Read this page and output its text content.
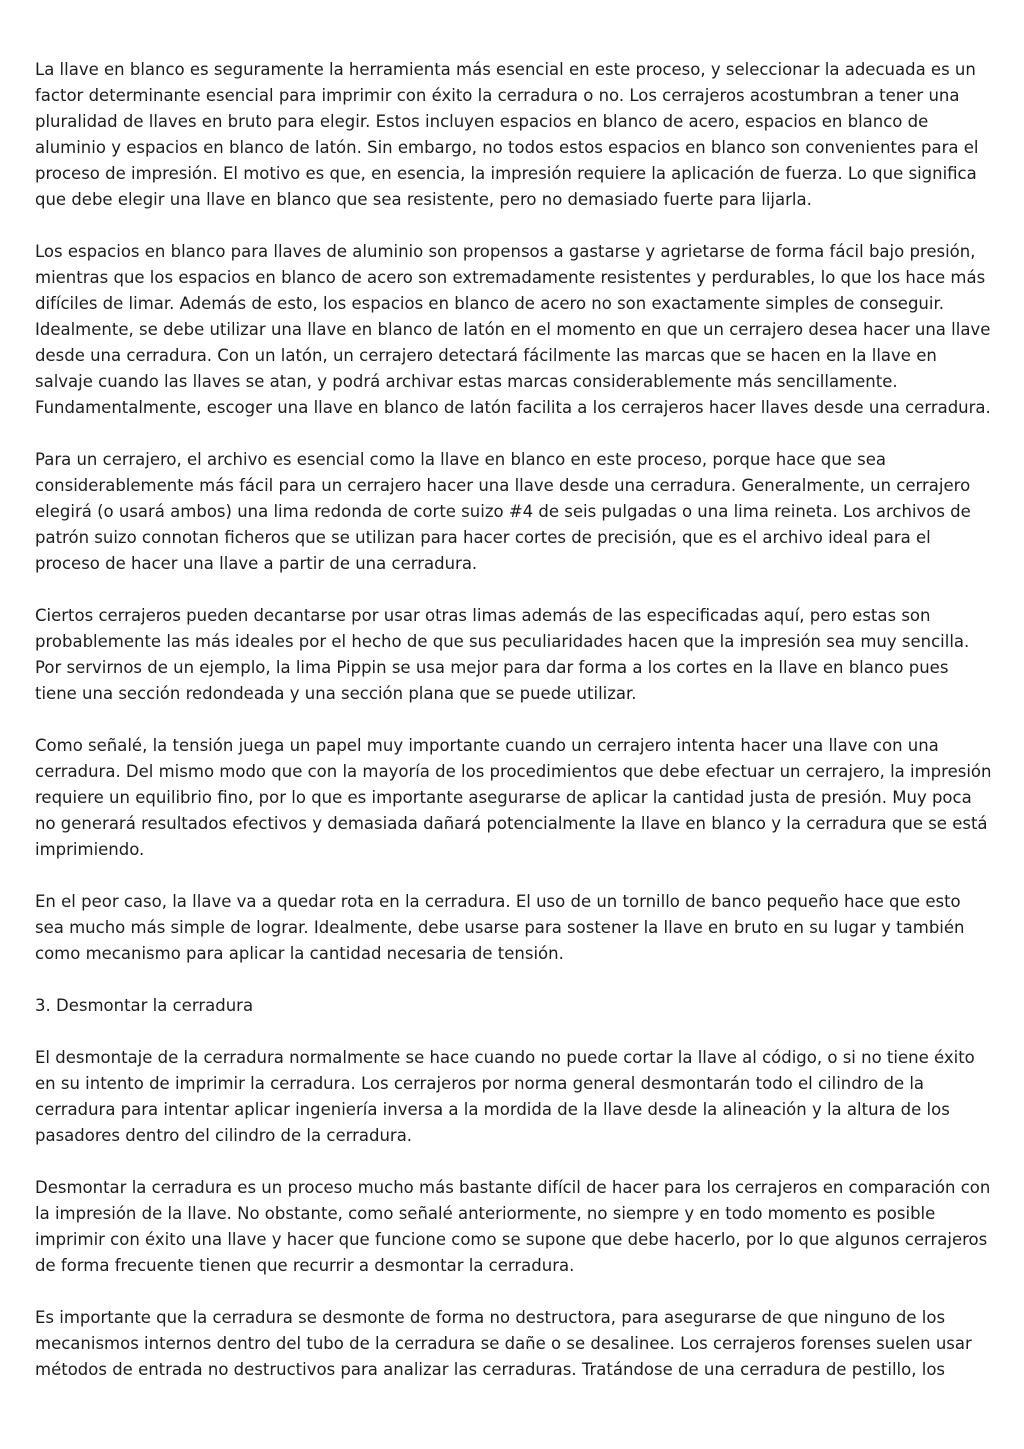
La llave en blanco es seguramente la herramienta más esencial en este proceso, y seleccionar la adecuada es un factor determinante esencial para imprimir con éxito la cerradura o no. Los cerrajeros acostumbran a tener una pluralidad de llaves en bruto para elegir. Estos incluyen espacios en blanco de acero, espacios en blanco de aluminio y espacios en blanco de latón. Sin embargo, no todos estos espacios en blanco son convenientes para el proceso de impresión. El motivo es que, en esencia, la impresión requiere la aplicación de fuerza. Lo que significa que debe elegir una llave en blanco que sea resistente, pero no demasiado fuerte para lijarla.

Los espacios en blanco para llaves de aluminio son propensos a gastarse y agrietarse de forma fácil bajo presión, mientras que los espacios en blanco de acero son extremadamente resistentes y perdurables, lo que los hace más difíciles de limar. Además de esto, los espacios en blanco de acero no son exactamente simples de conseguir. Idealmente, se debe utilizar una llave en blanco de latón en el momento en que un cerrajero desea hacer una llave desde una cerradura. Con un latón, un cerrajero detectará fácilmente las marcas que se hacen en la llave en salvaje cuando las llaves se atan, y podrá archivar estas marcas considerablemente más sencillamente. Fundamentalmente, escoger una llave en blanco de latón facilita a los cerrajeros hacer llaves desde una cerradura.

Para un cerrajero, el archivo es esencial como la llave en blanco en este proceso, porque hace que sea considerablemente más fácil para un cerrajero hacer una llave desde una cerradura. Generalmente, un cerrajero elegirá (o usará ambos) una lima redonda de corte suizo #4 de seis pulgadas o una lima reineta. Los archivos de patrón suizo connotan ficheros que se utilizan para hacer cortes de precisión, que es el archivo ideal para el proceso de hacer una llave a partir de una cerradura.

Ciertos cerrajeros pueden decantarse por usar otras limas además de las especificadas aquí, pero estas son probablemente las más ideales por el hecho de que sus peculiaridades hacen que la impresión sea muy sencilla. Por servirnos de un ejemplo, la lima Pippin se usa mejor para dar forma a los cortes en la llave en blanco pues tiene una sección redondeada y una sección plana que se puede utilizar.

Como señalé, la tensión juega un papel muy importante cuando un cerrajero intenta hacer una llave con una cerradura. Del mismo modo que con la mayoría de los procedimientos que debe efectuar un cerrajero, la impresión requiere un equilibrio fino, por lo que es importante asegurarse de aplicar la cantidad justa de presión. Muy poca no generará resultados efectivos y demasiada dañará potencialmente la llave en blanco y la cerradura que se está imprimiendo.

En el peor caso, la llave va a quedar rota en la cerradura. El uso de un tornillo de banco pequeño hace que esto sea mucho más simple de lograr. Idealmente, debe usarse para sostener la llave en bruto en su lugar y también como mecanismo para aplicar la cantidad necesaria de tensión.

3. Desmontar la cerradura

El desmontaje de la cerradura normalmente se hace cuando no puede cortar la llave al código, o si no tiene éxito en su intento de imprimir la cerradura. Los cerrajeros por norma general desmontarán todo el cilindro de la cerradura para intentar aplicar ingeniería inversa a la mordida de la llave desde la alineación y la altura de los pasadores dentro del cilindro de la cerradura.

Desmontar la cerradura es un proceso mucho más bastante difícil de hacer para los cerrajeros en comparación con la impresión de la llave. No obstante, como señalé anteriormente, no siempre y en todo momento es posible imprimir con éxito una llave y hacer que funcione como se supone que debe hacerlo, por lo que algunos cerrajeros de forma frecuente tienen que recurrir a desmontar la cerradura.

Es importante que la cerradura se desmonte de forma no destructora, para asegurarse de que ninguno de los mecanismos internos dentro del tubo de la cerradura se dañe o se desalinee. Los cerrajeros forenses suelen usar métodos de entrada no destructivos para analizar las cerraduras. Tratándose de una cerradura de pestillo, los
